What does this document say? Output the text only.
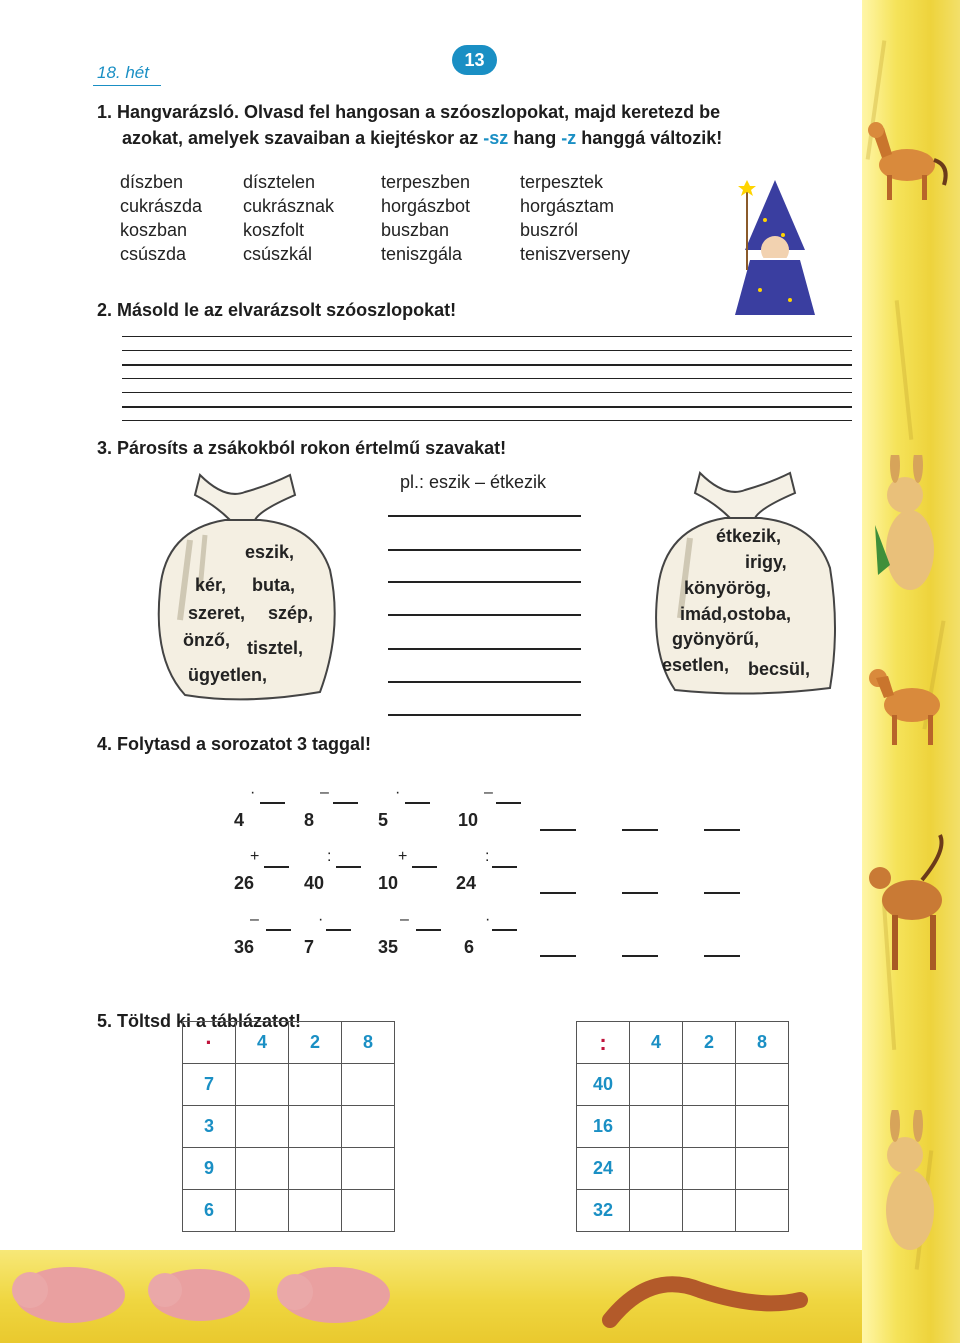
18. hét
13
1. Hangvarázsló. Olvasd fel hangosan a szóoszlopokat, majd keretezd be
azokat, amelyek szavaiban a kiejtéskor az -sz hang -z hanggá változik!
díszben
cukrászda
koszban
csúszda
dísztelen
cukrásznak
koszfolt
csúszkál
terpeszben
horgászbot
buszban
teniszgála
terpesztek
horgásztam
buszról
teniszverseny
2. Másold le az elvarázsolt szóoszlopokat!
3. Párosíts a zsákokból rokon értelmű szavakat!
pl.: eszik – étkezik
eszik,
kér, buta,
szeret, szép,
önző, tisztel,
ügyetlen,
étkezik,
irigy,
könyörög,
imád,ostoba,
gyönyörű,
esetlen, becsül,
4. Folytasd a sorozatot 3 taggal!
·	–	·	–
4	8	5	10
+	:	+	:
26	40	10	24
–	·	–	·
36	7	35	6
5. Töltsd ki a táblázatot!
·	4	2	8
7			
3			
9			
6			
:	4	2	8
40			
16			
24			
32			
